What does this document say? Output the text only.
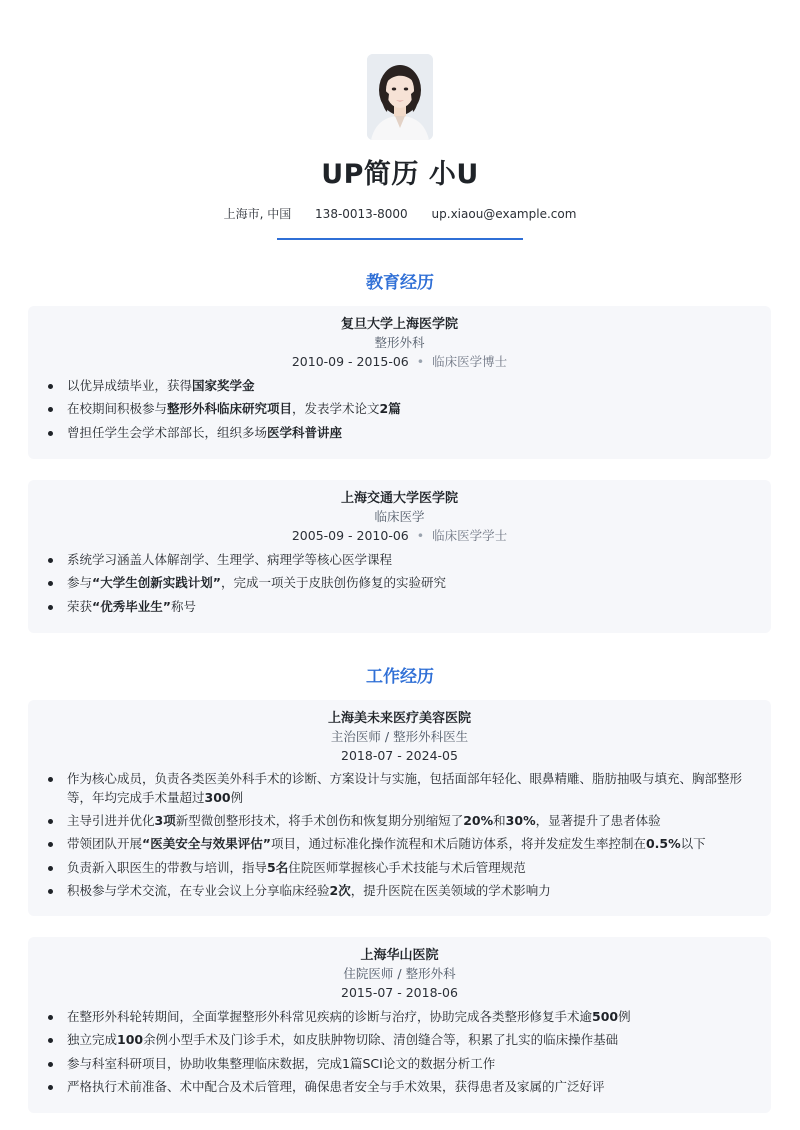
UP简历 小U
上海市, 中国 138-0013-8000 up.xiaou@example.com
教育经历
复旦大学上海医学院
整形外科
2010-09 - 2015-06 • 临床医学博士
以优异成绩毕业，获得国家奖学金
在校期间积极参与整形外科临床研究项目，发表学术论文2篇
曾担任学生会学术部部长，组织多场医学科普讲座
上海交通大学医学院
临床医学
2005-09 - 2010-06 • 临床医学学士
系统学习涵盖人体解剖学、生理学、病理学等核心医学课程
参与“大学生创新实践计划”，完成一项关于皮肤创伤修复的实验研究
荣获“优秀毕业生”称号
工作经历
上海美未来医疗美容医院
主治医师 / 整形外科医生
2018-07 - 2024-05
作为核心成员，负责各类医美外科手术的诊断、方案设计与实施，包括面部年轻化、眼鼻精雕、脂肪抽吸与填充、胸部整形等，年均完成手术量超过300例
主导引进并优化3项新型微创整形技术，将手术创伤和恢复期分别缩短了20%和30%，显著提升了患者体验
带领团队开展“医美安全与效果评估”项目，通过标准化操作流程和术后随访体系，将并发症发生率控制在0.5%以下
负责新入职医生的带教与培训，指导5名住院医师掌握核心手术技能与术后管理规范
积极参与学术交流，在专业会议上分享临床经验2次，提升医院在医美领域的学术影响力
上海华山医院
住院医师 / 整形外科
2015-07 - 2018-06
在整形外科轮转期间，全面掌握整形外科常见疾病的诊断与治疗，协助完成各类整形修复手术逾500例
独立完成100余例小型手术及门诊手术，如皮肤肿物切除、清创缝合等，积累了扎实的临床操作基础
参与科室科研项目，协助收集整理临床数据，完成1篇SCI论文的数据分析工作
严格执行术前准备、术中配合及术后管理，确保患者安全与手术效果，获得患者及家属的广泛好评
